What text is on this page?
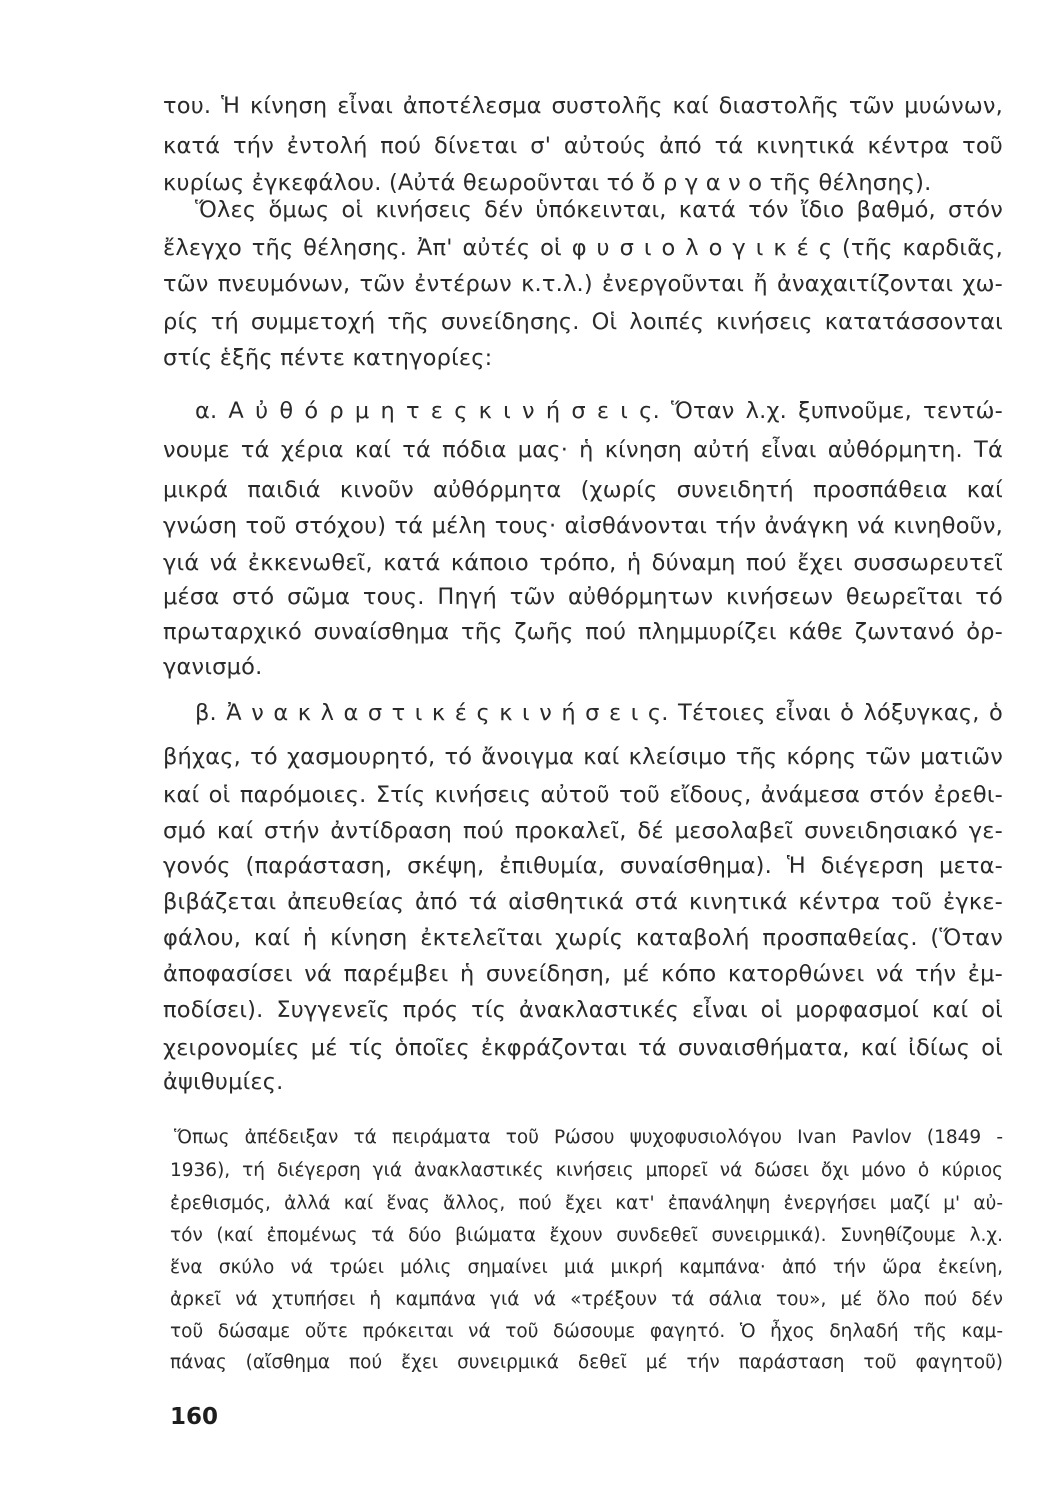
του. Ἡ κίνηση εἶναι ἀποτέλεσμα συστολῆς καί διαστολῆς τῶν μυώνων,
κατά τήν ἐντολή πού δίνεται σ' αὐτούς ἀπό τά κινητικά κέντρα τοῦ
κυρίως ἐγκεφάλου. (Αὐτά θεωροῦνται τό ὄ ρ γ α ν ο τῆς θέλησης).
Ὅλες ὅμως οἱ κινήσεις δέν ὑπόκεινται, κατά τόν ἴδιο βαθμό, στόν
ἔλεγχο τῆς θέλησης. Ἀπ' αὐτές οἱ φ υ σ ι ο λ ο γ ι κ έ ς (τῆς καρδιᾶς,
τῶν πνευμόνων, τῶν ἐντέρων κ.τ.λ.) ἐνεργοῦνται ἤ ἀναχαιτίζονται χω-
ρίς τή συμμετοχή τῆς συνείδησης. Οἱ λοιπές κινήσεις κατατάσσονται
στίς ἑξῆς πέντε κατηγορίες:
α. Α ὐ θ ό ρ μ η τ ε ς κ ι ν ή σ ε ι ς. Ὅταν λ.χ. ξυπνοῦμε, τεντώ-
νουμε τά χέρια καί τά πόδια μας· ἡ κίνηση αὐτή εἶναι αὐθόρμητη. Τά
μικρά παιδιά κινοῦν αὐθόρμητα (χωρίς συνειδητή προσπάθεια καί
γνώση τοῦ στόχου) τά μέλη τους· αἰσθάνονται τήν ἀνάγκη νά κινηθοῦν,
γιά νά ἐκκενωθεῖ, κατά κάποιο τρόπο, ἡ δύναμη πού ἔχει συσσωρευτεῖ
μέσα στό σῶμα τους. Πηγή τῶν αὐθόρμητων κινήσεων θεωρεῖται τό
πρωταρχικό συναίσθημα τῆς ζωῆς πού πλημμυρίζει κάθε ζωντανό ὀρ-
γανισμό.
β. Ἀ ν α κ λ α σ τ ι κ έ ς κ ι ν ή σ ε ι ς. Τέτοιες εἶναι ὁ λόξυγκας, ὁ
βήχας, τό χασμουρητό, τό ἄνοιγμα καί κλείσιμο τῆς κόρης τῶν ματιῶν
καί οἱ παρόμοιες. Στίς κινήσεις αὐτοῦ τοῦ εἴδους, ἀνάμεσα στόν ἐρεθι-
σμό καί στήν ἀντίδραση πού προκαλεῖ, δέ μεσολαβεῖ συνειδησιακό γε-
γονός (παράσταση, σκέψη, ἐπιθυμία, συναίσθημα). Ἡ διέγερση μετα-
βιβάζεται ἀπευθείας ἀπό τά αἰσθητικά στά κινητικά κέντρα τοῦ ἐγκε-
φάλου, καί ἡ κίνηση ἐκτελεῖται χωρίς καταβολή προσπαθείας. (Ὅταν
ἀποφασίσει νά παρέμβει ἡ συνείδηση, μέ κόπο κατορθώνει νά τήν ἐμ-
ποδίσει). Συγγενεῖς πρός τίς ἀνακλαστικές εἶναι οἱ μορφασμοί καί οἱ
χειρονομίες μέ τίς ὁποῖες ἐκφράζονται τά συναισθήματα, καί ἰδίως οἱ
ἀψιθυμίες.
Ὅπως ἀπέδειξαν τά πειράματα τοῦ Ρώσου ψυχοφυσιολόγου Ivan Pavlov (1849 -
1936), τή διέγερση γιά ἀνακλαστικές κινήσεις μπορεῖ νά δώσει ὄχι μόνο ὁ κύριος
ἐρεθισμός, ἀλλά καί ἕνας ἄλλος, πού ἔχει κατ' ἐπανάληψη ἐνεργήσει μαζί μ' αὐ-
τόν (καί ἐπομένως τά δύο βιώματα ἔχουν συνδεθεῖ συνειρμικά). Συνηθίζουμε λ.χ.
ἕνα σκύλο νά τρώει μόλις σημαίνει μιά μικρή καμπάνα· ἀπό τήν ὥρα ἐκείνη,
ἀρκεῖ νά χτυπήσει ἡ καμπάνα γιά νά «τρέξουν τά σάλια του», μέ ὅλο πού δέν
τοῦ δώσαμε οὔτε πρόκειται νά τοῦ δώσουμε φαγητό. Ὁ ἦχος δηλαδή τῆς καμ-
πάνας (αἴσθημα πού ἔχει συνειρμικά δεθεῖ μέ τήν παράσταση τοῦ φαγητοῦ)
160
